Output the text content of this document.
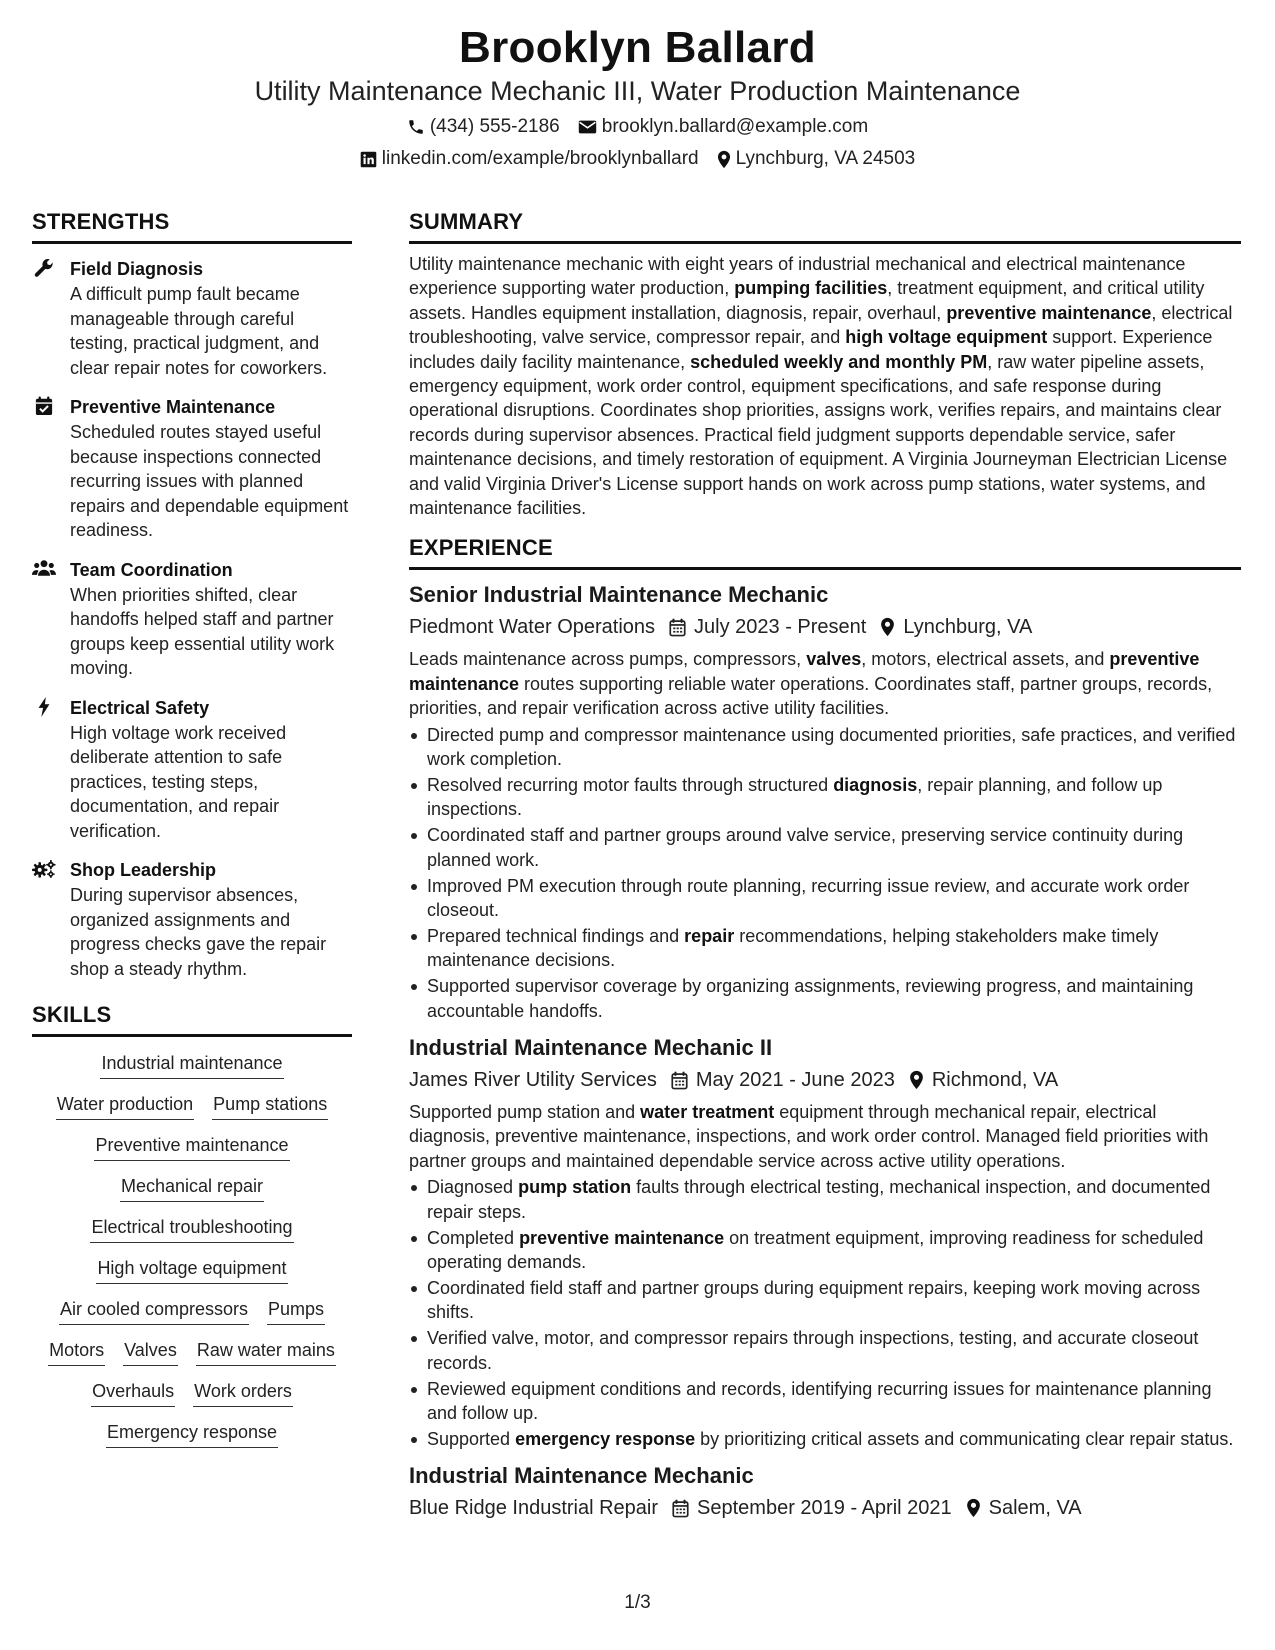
Brooklyn Ballard
Utility Maintenance Mechanic III, Water Production Maintenance
(434) 555-2186 brooklyn.ballard@example.com
linkedin.com/example/brooklynballard Lynchburg, VA 24503
STRENGTHS
Field Diagnosis
A difficult pump fault became manageable through careful testing, practical judgment, and clear repair notes for coworkers.
Preventive Maintenance
Scheduled routes stayed useful because inspections connected recurring issues with planned repairs and dependable equipment readiness.
Team Coordination
When priorities shifted, clear handoffs helped staff and partner groups keep essential utility work moving.
Electrical Safety
High voltage work received deliberate attention to safe practices, testing steps, documentation, and repair verification.
Shop Leadership
During supervisor absences, organized assignments and progress checks gave the repair shop a steady rhythm.
SKILLS
Industrial maintenance
Water production Pump stations
Preventive maintenance
Mechanical repair
Electrical troubleshooting
High voltage equipment
Air cooled compressors Pumps
Motors Valves Raw water mains
Overhauls Work orders
Emergency response
SUMMARY

Utility maintenance mechanic with eight years of industrial mechanical and electrical maintenance experience supporting water production, pumping facilities, treatment equipment, and critical utility assets. Handles equipment installation, diagnosis, repair, overhaul, preventive maintenance, electrical troubleshooting, valve service, compressor repair, and high voltage equipment support. Experience includes daily facility maintenance, scheduled weekly and monthly PM, raw water pipeline assets, emergency equipment, work order control, equipment specifications, and safe response during operational disruptions. Coordinates shop priorities, assigns work, verifies repairs, and maintains clear records during supervisor absences. Practical field judgment supports dependable service, safer maintenance decisions, and timely restoration of equipment. A Virginia Journeyman Electrician License and valid Virginia Driver's License support hands on work across pump stations, water systems, and maintenance facilities.

EXPERIENCE
Senior Industrial Maintenance Mechanic
Piedmont Water Operations July 2023 - Present Lynchburg, VA

Leads maintenance across pumps, compressors, valves, motors, electrical assets, and preventive maintenance routes supporting reliable water operations. Coordinates staff, partner groups, records, priorities, and repair verification across active utility facilities.

Directed pump and compressor maintenance using documented priorities, safe practices, and verified work completion.
Resolved recurring motor faults through structured diagnosis, repair planning, and follow up inspections.
Coordinated staff and partner groups around valve service, preserving service continuity during planned work.
Improved PM execution through route planning, recurring issue review, and accurate work order closeout.
Prepared technical findings and repair recommendations, helping stakeholders make timely maintenance decisions.
Supported supervisor coverage by organizing assignments, reviewing progress, and maintaining accountable handoffs.
Industrial Maintenance Mechanic II
James River Utility Services May 2021 - June 2023 Richmond, VA

Supported pump station and water treatment equipment through mechanical repair, electrical diagnosis, preventive maintenance, inspections, and work order control. Managed field priorities with partner groups and maintained dependable service across active utility operations.

Diagnosed pump station faults through electrical testing, mechanical inspection, and documented repair steps.
Completed preventive maintenance on treatment equipment, improving readiness for scheduled operating demands.
Coordinated field staff and partner groups during equipment repairs, keeping work moving across shifts.
Verified valve, motor, and compressor repairs through inspections, testing, and accurate closeout records.
Reviewed equipment conditions and records, identifying recurring issues for maintenance planning and follow up.
Supported emergency response by prioritizing critical assets and communicating clear repair status.
Industrial Maintenance Mechanic
Blue Ridge Industrial Repair September 2019 - April 2021 Salem, VA
1/3
